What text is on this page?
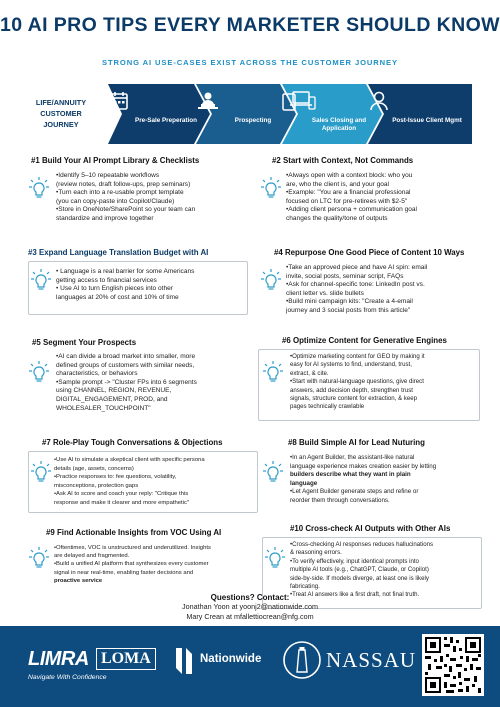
10 AI PRO TIPS EVERY MARKETER SHOULD KNOW
STRONG AI USE-CASES EXIST ACROSS THE CUSTOMER JOURNEY
LIFE/ANNUITY CUSTOMER JOURNEY	Pre-Sale Preperation	Prospecting	Sales Closing and Application
Post-Issue Client Mgmt
#1 Build Your AI Prompt Library & Checklists
•Identify 5–10 repeatable workflows
(review notes, draft follow-ups, prep seminars)
•Turn each into a re-usable prompt template
(you can copy-paste into Copilot/Claude)
•Store in OneNote/SharePoint so your team can
standardize and improve together
#2 Start with Context, Not Commands
•Always open with a context block: who you
are, who the client is, and your goal
•Example: "You are a financial professional
focused on LTC for pre-retirees with $2-5"
•Adding client persona + communication goal
changes the quality/tone of outputs
#3 Expand Language Translation Budget with AI
• Language is a real barrier for some Americans
getting access to financial services
• Use AI to turn English pieces into other
languages at 20% of cost and 10% of time
#4 Repurpose One Good Piece of Content 10 Ways
•Take an approved piece and have AI spin: email
invite, social posts, seminar script, FAQs
•Ask for channel-specific tone: LinkedIn post vs.
client letter vs. slide bullets
•Build mini campaign kits: "Create a 4-email
journey and 3 social posts from this article"
#5 Segment Your Prospects
•AI can divide a broad market into smaller, more
defined groups of customers with similar needs,
characteristics, or behaviors
•Sample prompt -> "Cluster FPs into 6 segments
using CHANNEL, REGION, REVENUE,
DIGITAL_ENGAGEMENT, PROD, and
WHOLESALER_TOUCHPOINT"
#6 Optimize Content for Generative Engines
•Optimize marketing content for GEO by making it
easy for AI systems to find, understand, trust,
extract, & cite.
•Start with natural-language questions, give direct
answers, add decision depth, strengthen trust
signals, structure content for extraction, & keep
pages technically crawlable
#7 Role-Play Tough Conversations & Objections
•Use AI to simulate a skeptical client with specific persona
details (age, assets, concerns)
•Practice responses to: fee questions, volatility,
misconceptions, protection gaps
•Ask AI to score and coach your reply: "Critique this
response and make it clearer and more empathetic"
#8 Build Simple AI for Lead Nuturing
•In an Agent Builder, the assistant-like natural
language experience makes creation easier by letting
builders describe what they want in plain
language
•Let Agent Builder generate steps and refine or
reorder them through conversations.
#9 Find Actionable Insights from VOC Using AI
•Oftentimes, VOC is unstructured and underutilized. Insights
are delayed and fragmented.
•Build a unified AI platform that synthesizes every customer
signal in near real-time, enabling faster decisions and
proactive service
#10 Cross-check AI Outputs with Other AIs
•Cross-checking AI responses reduces hallucinations
& reasoning errors.
•To verify effectively, input identical prompts into
multiple AI tools (e.g., ChatGPT, Claude, or Copilot)
side-by-side. If models diverge, at least one is likely
fabricating.
•Treat AI answers like a first draft, not final truth.
Questions? Contact:
Jonathan Yoon at yoonj2@nationwide.com
Mary Crean at mfallettiocrean@nfg.com
LIMRA LOMA
Navigate With Confidence
Nationwide	NASSAU
